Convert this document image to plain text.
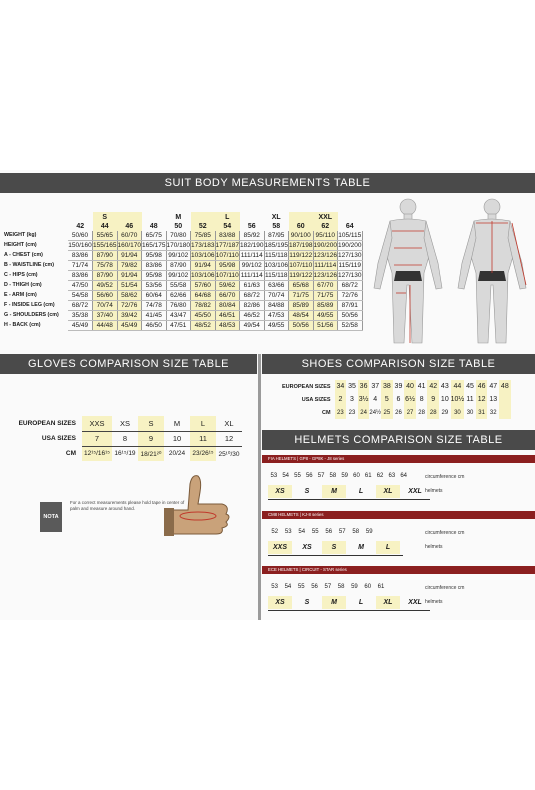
SUIT BODY MEASUREMENTS TABLE
		S			M		L		XL		XXL	
	42	44	46	48	50	52	54	56	58	60	62	64
WEIGHT (kg)	50/60	55/65	60/70	65/75	70/80	75/85	83/88	85/92	87/95	90/100	95/110	105/115
HEIGHT (cm)	150/160	155/165	160/170	165/175	170/180	173/183	177/187	182/190	185/195	187/198	190/200	190/200
A - CHEST (cm)	83/86	87/90	91/94	95/98	99/102	103/106	107/110	111/114	115/118	119/122	123/126	127/130
B - WAISTLINE (cm)	71/74	75/78	79/82	83/86	87/90	91/94	95/98	99/102	103/106	107/110	111/114	115/119
C - HIPS (cm)	83/86	87/90	91/94	95/98	99/102	103/106	107/110	111/114	115/118	119/122	123/126	127/130
D - THIGH (cm)	47/50	49/52	51/54	53/56	55/58	57/60	59/62	61/63	63/66	65/68	67/70	68/72
E - ARM (cm)	54/58	56/60	58/62	60/64	62/66	64/68	66/70	68/72	70/74	71/75	71/75	72/76
F - INSIDE LEG (cm)	68/72	70/74	72/76	74/78	76/80	78/82	80/84	82/86	84/88	85/89	85/89	87/91
G - SHOULDERS (cm)	35/38	37/40	39/42	41/45	43/47	45/50	46/51	46/52	47/53	48/54	49/55	50/56
H - BACK (cm)	45/49	44/48	45/49	46/50	47/51	48/52	48/53	49/54	49/55	50/56	51/56	52/58
GLOVES COMPARISON SIZE TABLE	SHOES COMPARISON SIZE TABLE
EUROPEAN SIZES	XXS	XS	S	M	L	XL
USA SIZES	7	8	9	10	11	12
CM	12¹⁵/16¹⁵	16¹⁵/19	18/21²⁰	20/24	23/26¹⁵	25¹⁰/30
NOTA
For a correct measurements please hold tape in center of palm and measure around hand.
EUROPEAN SIZES	34	35	36	37	38	39	40	41	42	43	44	45	46	47	48
USA SIZES	2	3	3½	4	5	6	6½	8	9	10	10½	11	12	13	
CM	23	23	24	24½	25	26	27	28	28	29	30	30	31	32	
HELMETS COMPARISON SIZE TABLE
FIA HELMETS | GP8 - GP8K - J8 series
53 54 55 56 57 58 59 60 61 62 63 64	circumference cm
XS	S	M	L	XL	XXL helmets
CM8 HELMETS | KJ-8 series
52	53	54	55	56	57	58	59	circumference cm
XXS	XS	S	M	L	helmets
ECE HELMETS | CIRCUIT - STAR series
53	54	55	56	57	58	59	60	61	circumference cm
XS	S	M	L	XL	XXL helmets
